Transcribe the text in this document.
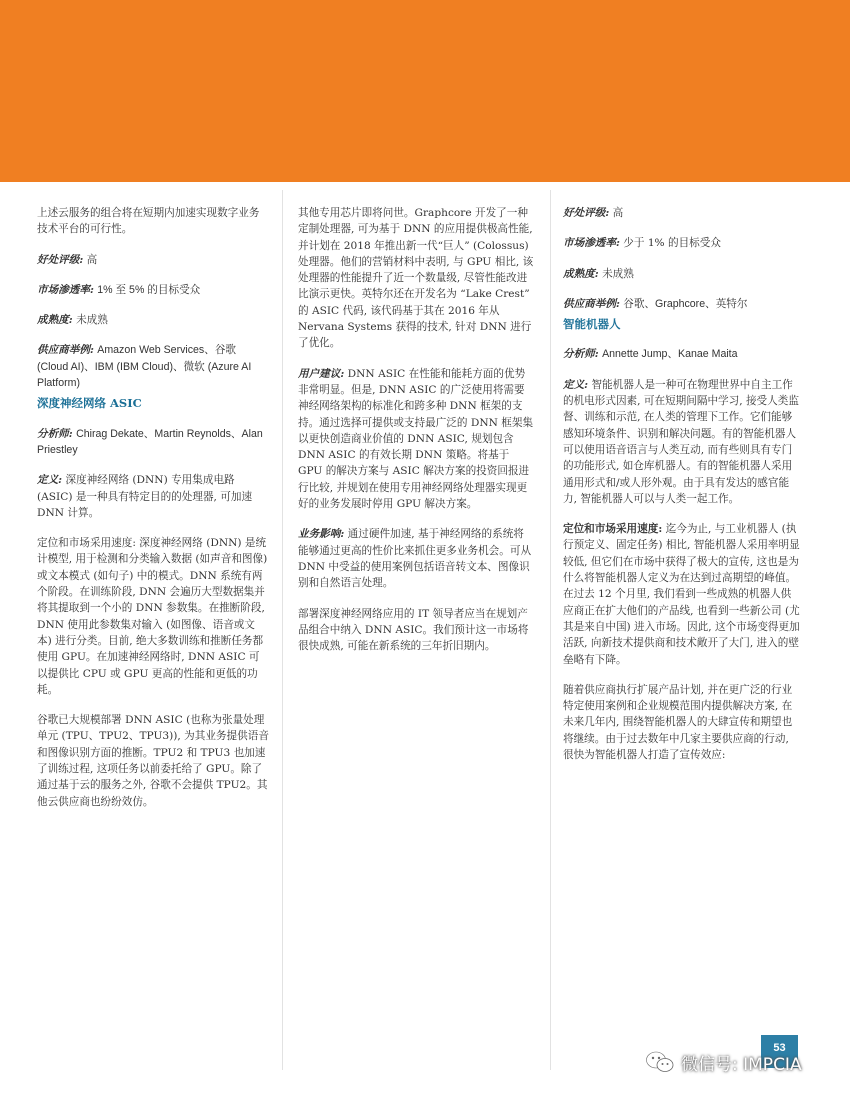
上述云服务的组合将在短期内加速实现数字业务技术平台的可行性。

好处评级: 高

市场渗透率: 1% 至 5% 的目标受众

成熟度: 未成熟

供应商举例: Amazon Web Services、谷歌 (Cloud AI)、IBM (IBM Cloud)、微软 (Azure AI Platform)

深度神经网络 ASIC

分析师: Chirag Dekate、Martin Reynolds、Alan Priestley

定义: 深度神经网络 (DNN) 专用集成电路 (ASIC) 是一种具有特定目的的处理器, 可加速 DNN 计算。

定位和市场采用速度: 深度神经网络 (DNN) 是统计模型, 用于检测和分类输入数据 (如声音和图像) 或文本模式 (如句子) 中的模式。DNN 系统有两个阶段。在训练阶段, DNN 会遍历大型数据集并将其提取到一个小的 DNN 参数集。在推断阶段, DNN 使用此参数集对输入 (如图像、语音或文本) 进行分类。目前, 绝大多数训练和推断任务都使用 GPU。在加速神经网络时, DNN ASIC 可以提供比 CPU 或 GPU 更高的性能和更低的功耗。

谷歌已大规模部署 DNN ASIC (也称为张量处理单元 (TPU、TPU2、TPU3)), 为其业务提供语音和图像识别方面的推断。TPU2 和 TPU3 也加速了训练过程, 这项任务以前委托给了 GPU。除了通过基于云的服务之外, 谷歌不会提供 TPU2。其他云供应商也纷纷效仿。

其他专用芯片即将问世。Graphcore 开发了一种定制处理器, 可为基于 DNN 的应用提供极高性能, 并计划在 2018 年推出新一代“巨人” (Colossus) 处理器。他们的营销材料中表明, 与 GPU 相比, 该处理器的性能提升了近一个数量级, 尽管性能改进比演示更快。英特尔还在开发名为 “Lake Crest” 的 ASIC 代码, 该代码基于其在 2016 年从 Nervana Systems 获得的技术, 针对 DNN 进行了优化。

用户建议: DNN ASIC 在性能和能耗方面的优势非常明显。但是, DNN ASIC 的广泛使用将需要神经网络架构的标准化和跨多种 DNN 框架的支持。通过选择可提供或支持最广泛的 DNN 框架集以更快创造商业价值的 DNN ASIC, 规划包含 DNN ASIC 的有效长期 DNN 策略。将基于 GPU 的解决方案与 ASIC 解决方案的投资回报进行比较, 并规划在使用专用神经网络处理器实现更好的业务发展时停用 GPU 解决方案。

业务影响: 通过硬件加速, 基于神经网络的系统将能够通过更高的性价比来抓住更多业务机会。可从 DNN 中受益的使用案例包括语音转文本、图像识别和自然语言处理。

部署深度神经网络应用的 IT 领导者应当在规划产品组合中纳入 DNN ASIC。我们预计这一市场将很快成熟, 可能在新系统的三年折旧期内。

好处评级: 高

市场渗透率: 少于 1% 的目标受众

成熟度: 未成熟

供应商举例: 谷歌、Graphcore、英特尔

智能机器人

分析师: Annette Jump、Kanae Maita

定义: 智能机器人是一种可在物理世界中自主工作的机电形式因素, 可在短期间隔中学习, 接受人类监督、训练和示范, 在人类的管理下工作。它们能够感知环境条件、识别和解决问题。有的智能机器人可以使用语音语言与人类互动, 而有些则具有专门的功能形式, 如仓库机器人。有的智能机器人采用通用形式和/或人形外观。由于具有发达的感官能力, 智能机器人可以与人类一起工作。

定位和市场采用速度: 迄今为止, 与工业机器人 (执行预定义、固定任务) 相比, 智能机器人采用率明显较低, 但它们在市场中获得了极大的宣传, 这也是为什么将智能机器人定义为在达到过高期望的峰值。在过去 12 个月里, 我们看到一些成熟的机器人供应商正在扩大他们的产品线, 也看到一些新公司 (尤其是来自中国) 进入市场。因此, 这个市场变得更加活跃, 向新技术提供商和技术敞开了大门, 进入的壁垒略有下降。

随着供应商执行扩展产品计划, 并在更广泛的行业特定使用案例和企业规模范围内提供解决方案, 在未来几年内, 围绕智能机器人的大肆宣传和期望也将继续。由于过去数年中几家主要供应商的行动, 很快为智能机器人打造了宣传效应:

53
微信号: IMPCIA
